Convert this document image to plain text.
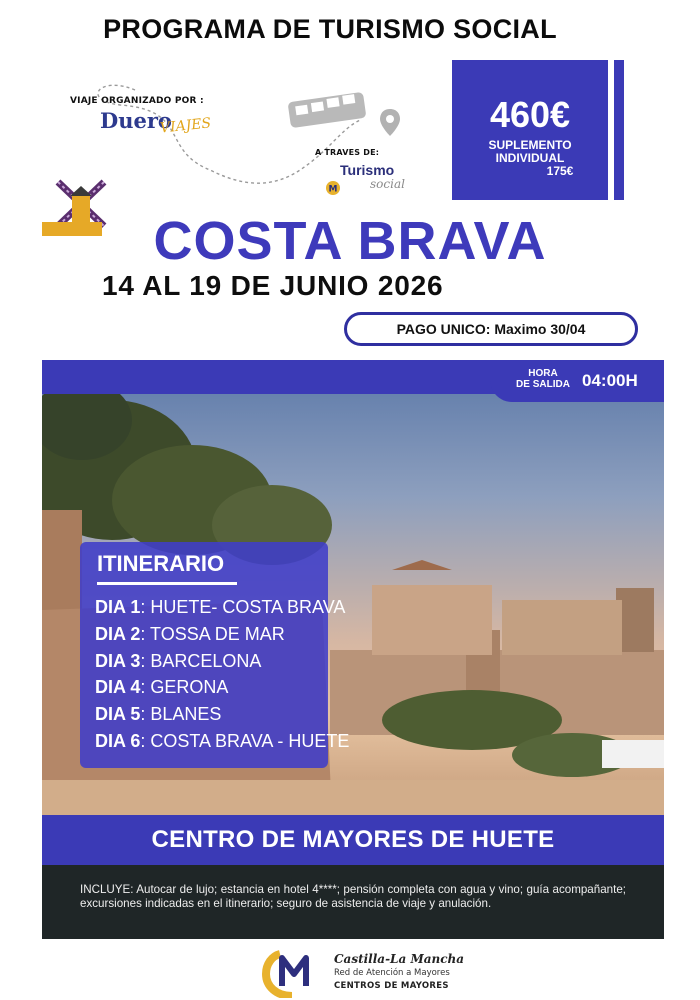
PROGRAMA DE TURISMO SOCIAL
VIAJE ORGANIZADO POR :
Duero
VIAJES
A TRAVES DE:
M
Turismo
social
460€
SUPLEMENTO
INDIVIDUAL
175€
COSTA BRAVA
14 AL 19 DE JUNIO 2026
PAGO UNICO: Maximo 30/04
HORA
DE SALIDA 04:00H
ITINERARIO
DIA 1: HUETE- COSTA BRAVA
DIA 2: TOSSA DE MAR
DIA 3: BARCELONA
DIA 4: GERONA
DIA 5: BLANES
DIA 6: COSTA BRAVA - HUETE
CENTRO DE MAYORES DE HUETE
INCLUYE: Autocar de lujo; estancia en hotel 4****; pensión completa con agua y vino; guía acompañante; excursiones indicadas en el itinerario; seguro de asistencia de viaje y anulación.
Castilla-La Mancha
Red de Atención a Mayores
CENTROS DE MAYORES
